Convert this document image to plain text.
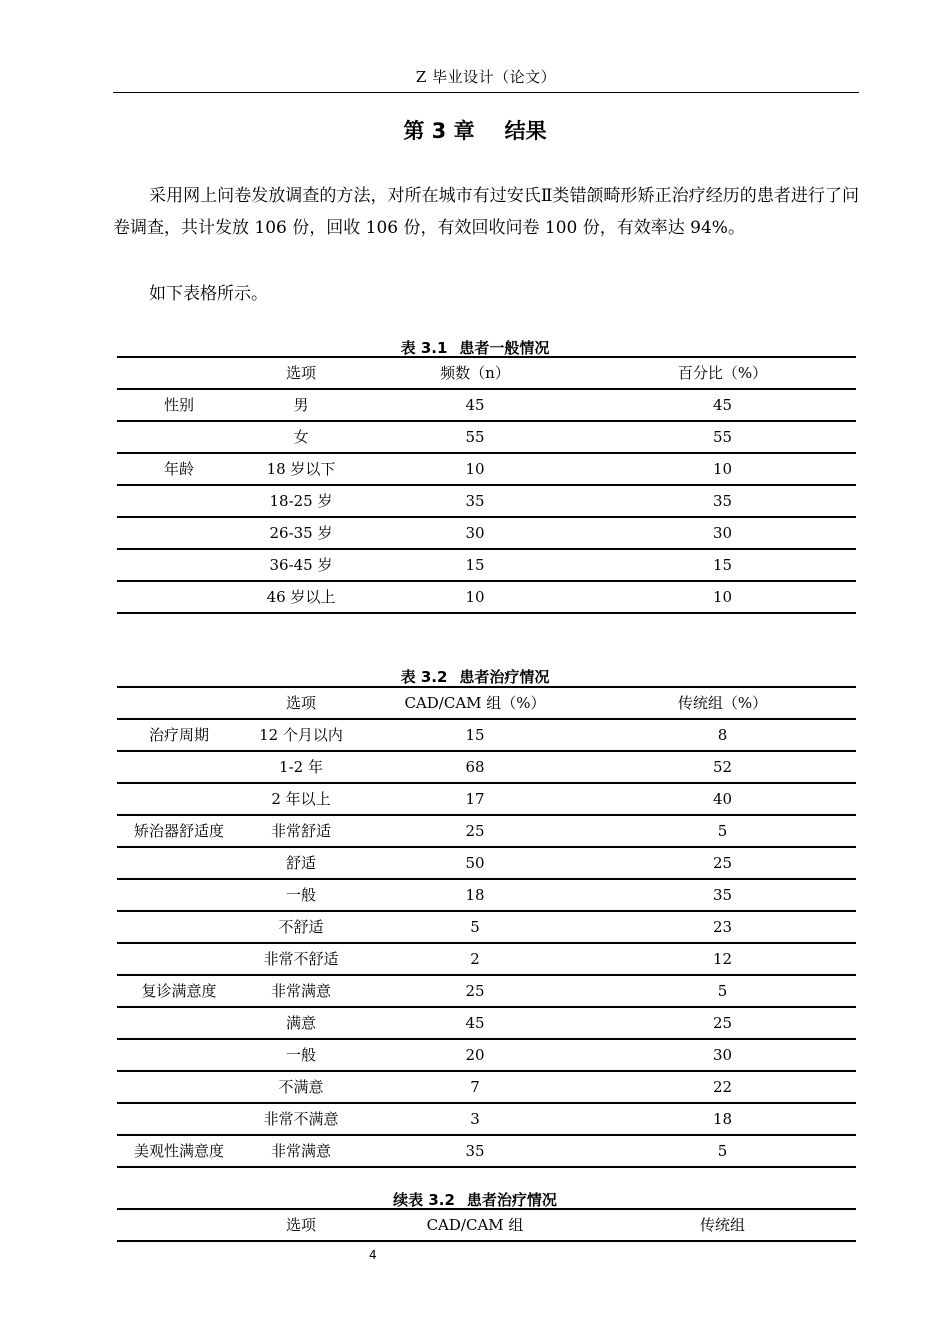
Z 毕业设计（论文）
第 3 章 结果
采用网上问卷发放调查的方法，对所在城市有过安氏Ⅱ类错颌畸形矫正治疗经历的患者进行了问卷调查，共计发放 106 份，回收 106 份，有效回收问卷 100 份，有效率达 94%。
如下表格所示。
表 3.1 患者一般情况
	选项	频数（n）	百分比（%）
性别	男	45	45
	女	55	55
年龄	18 岁以下	10	10
	18-25 岁	35	35
	26-35 岁	30	30
	36-45 岁	15	15
	46 岁以上	10	10
表 3.2 患者治疗情况
	选项	CAD/CAM 组（%）	传统组（%）
治疗周期	12 个月以内	15	8
	1-2 年	68	52
	2 年以上	17	40
矫治器舒适度	非常舒适	25	5
	舒适	50	25
	一般	18	35
	不舒适	5	23
	非常不舒适	2	12
复诊满意度	非常满意	25	5
	满意	45	25
	一般	20	30
	不满意	7	22
	非常不满意	3	18
美观性满意度	非常满意	35	5
续表 3.2 患者治疗情况
	选项	CAD/CAM 组	传统组
4
